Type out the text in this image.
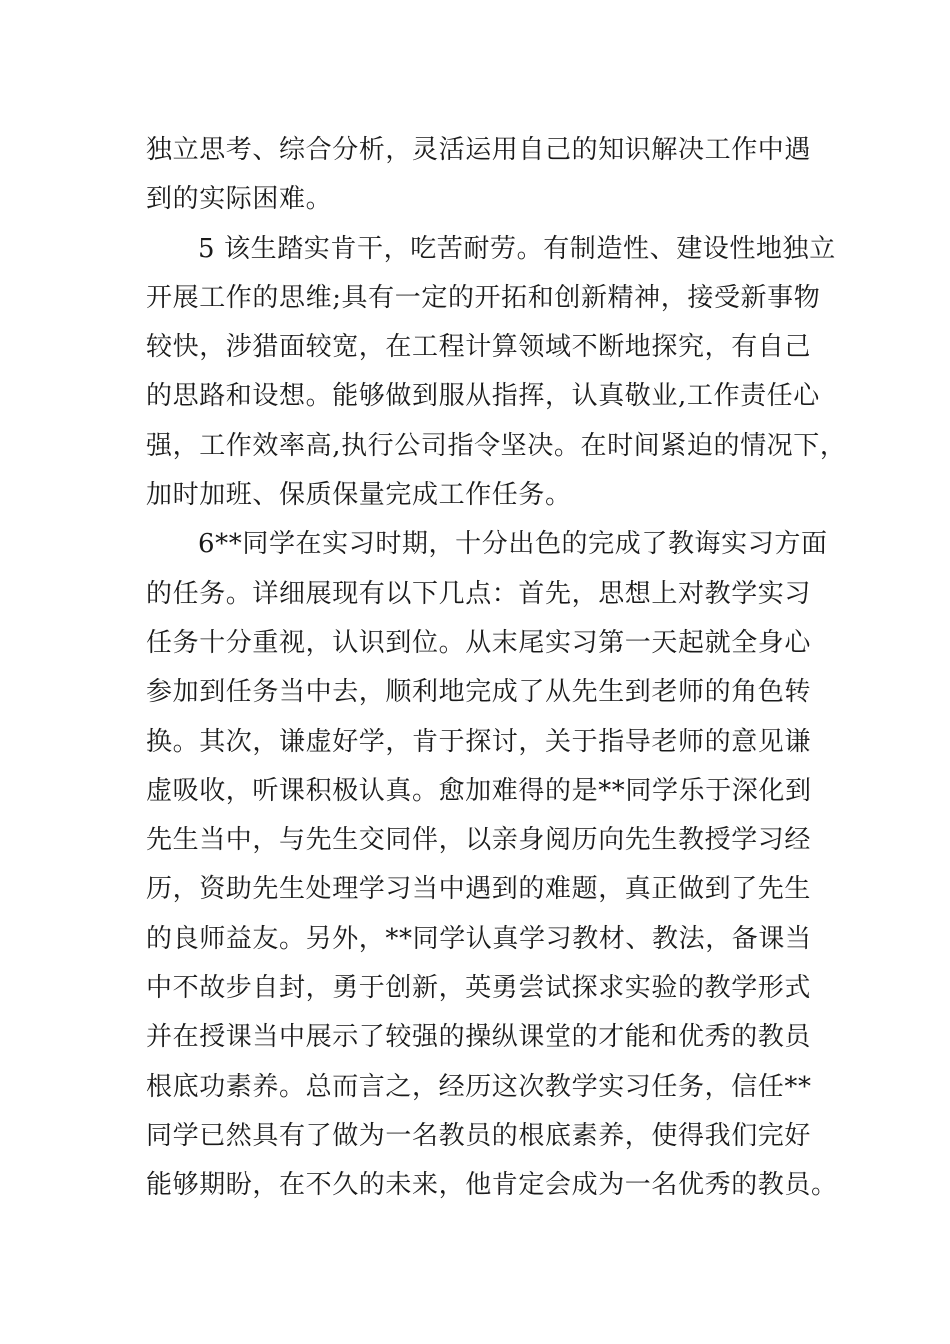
独立思考、综合分析，灵活运用自己的知识解决工作中遇
到的实际困难。
5 该生踏实肯干，吃苦耐劳。有制造性、建设性地独立
开展工作的思维;具有一定的开拓和创新精神，接受新事物
较快，涉猎面较宽，在工程计算领域不断地探究，有自己
的思路和设想。能够做到服从指挥，认真敬业,工作责任心
强，工作效率高,执行公司指令坚决。在时间紧迫的情况下，
加时加班、保质保量完成工作任务。
6**同学在实习时期，十分出色的完成了教诲实习方面
的任务。详细展现有以下几点：首先，思想上对教学实习
任务十分重视，认识到位。从末尾实习第一天起就全身心
参加到任务当中去，顺利地完成了从先生到老师的角色转
换。其次，谦虚好学，肯于探讨，关于指导老师的意见谦
虚吸收，听课积极认真。愈加难得的是**同学乐于深化到
先生当中，与先生交同伴，以亲身阅历向先生教授学习经
历，资助先生处理学习当中遇到的难题，真正做到了先生
的良师益友。另外，**同学认真学习教材、教法，备课当
中不故步自封，勇于创新，英勇尝试探求实验的教学形式
并在授课当中展示了较强的操纵课堂的才能和优秀的教员
根底功素养。总而言之，经历这次教学实习任务，信任**
同学已然具有了做为一名教员的根底素养，使得我们完好
能够期盼，在不久的未来，他肯定会成为一名优秀的教员。
